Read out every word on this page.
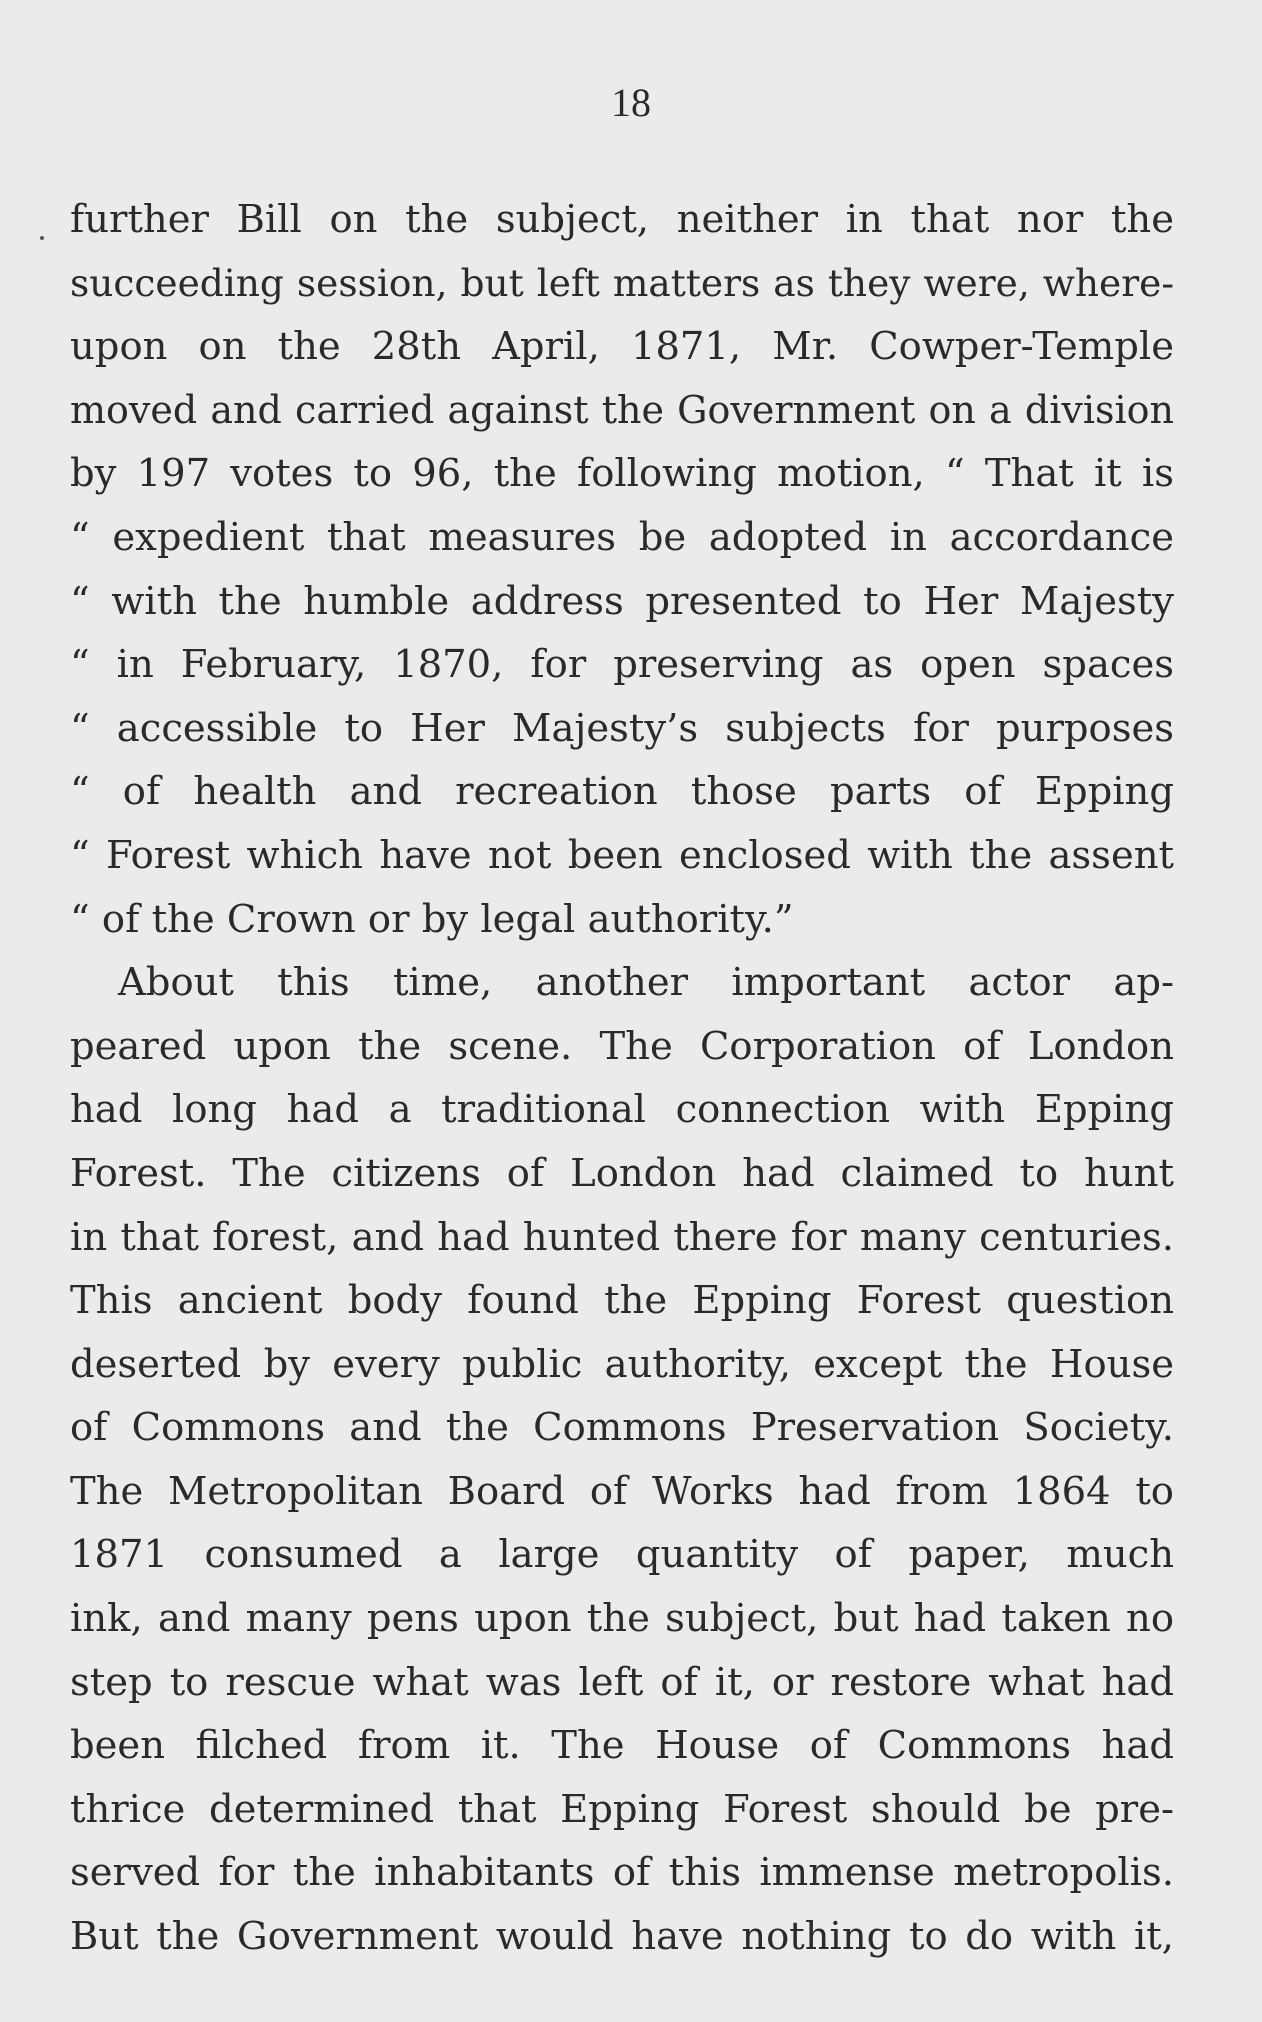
18
further Bill on the subject, neither in that nor the
succeeding session, but left matters as they were, where-
upon on the 28th April, 1871, Mr. Cowper-Temple
moved and carried against the Government on a division
by 197 votes to 96, the following motion, “ That it is
“ expedient that measures be adopted in accordance
“ with the humble address presented to Her Majesty
“ in February, 1870, for preserving as open spaces
“ accessible to Her Majesty’s subjects for purposes
“ of health and recreation those parts of Epping
“ Forest which have not been enclosed with the assent
“ of the Crown or by legal authority.”
About this time, another important actor ap-
peared upon the scene. The Corporation of London
had long had a traditional connection with Epping
Forest. The citizens of London had claimed to hunt
in that forest, and had hunted there for many centuries.
This ancient body found the Epping Forest question
deserted by every public authority, except the House
of Commons and the Commons Preservation Society.
The Metropolitan Board of Works had from 1864 to
1871 consumed a large quantity of paper, much
ink, and many pens upon the subject, but had taken no
step to rescue what was left of it, or restore what had
been filched from it. The House of Commons had
thrice determined that Epping Forest should be pre-
served for the inhabitants of this immense metropolis.
But the Government would have nothing to do with it,
